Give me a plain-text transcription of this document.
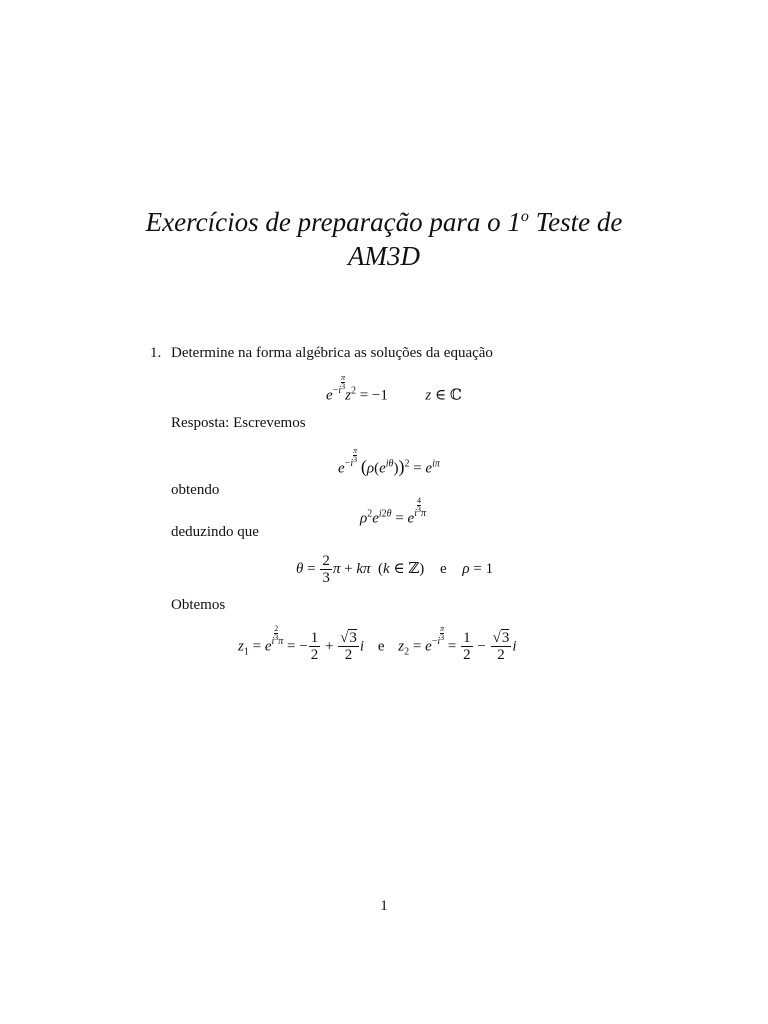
Exercícios de preparação para o 1$^o$ Teste de
AM3D
1. Determine na forma algébrica as soluções da equação
$e^{-i \frac{\pi}{3}}$
$z^2 = -1$  z ∈ ℂ
Resposta: Escrevemos
$e^{-i \frac{\pi}{3}}$
$(\rho(e^{i\theta}))^2 = e^{i\pi}$
obtendo
$\rho^2e^{i2\theta} = e^{i \frac{4}{3} \pi}$
deduzindo que
$\theta = \frac{2}{3}$ π + kπ  (k ∈ ℤ) e ρ = 1
Obtemos
$z_1 = e^{i \frac{2}{3} \pi}$ = − $\frac{1}{2} + \frac{√3}{2}$ i e $z_2 = e^{-i \frac{\pi}{3}}$
= $\frac{1}{2} - \frac{√3}{2}$ i
1
